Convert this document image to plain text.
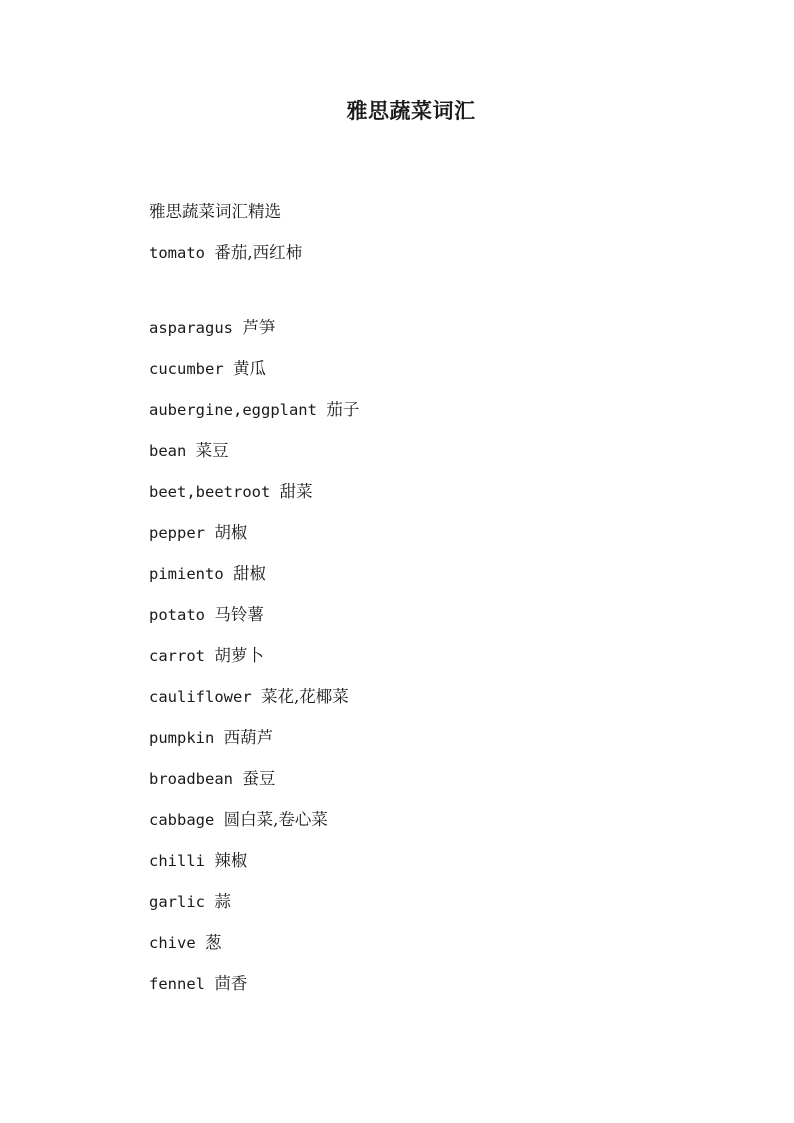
雅思蔬菜词汇
雅思蔬菜词汇精选
tomato 番茄,西红柿
asparagus 芦笋
cucumber 黄瓜
aubergine,eggplant 茄子
bean 菜豆
beet,beetroot 甜菜
pepper 胡椒
pimiento 甜椒
potato 马铃薯
carrot 胡萝卜
cauliflower 菜花,花椰菜
pumpkin 西葫芦
broadbean 蚕豆
cabbage 圆白菜,卷心菜
chilli 辣椒
garlic 蒜
chive 葱
fennel 茴香
